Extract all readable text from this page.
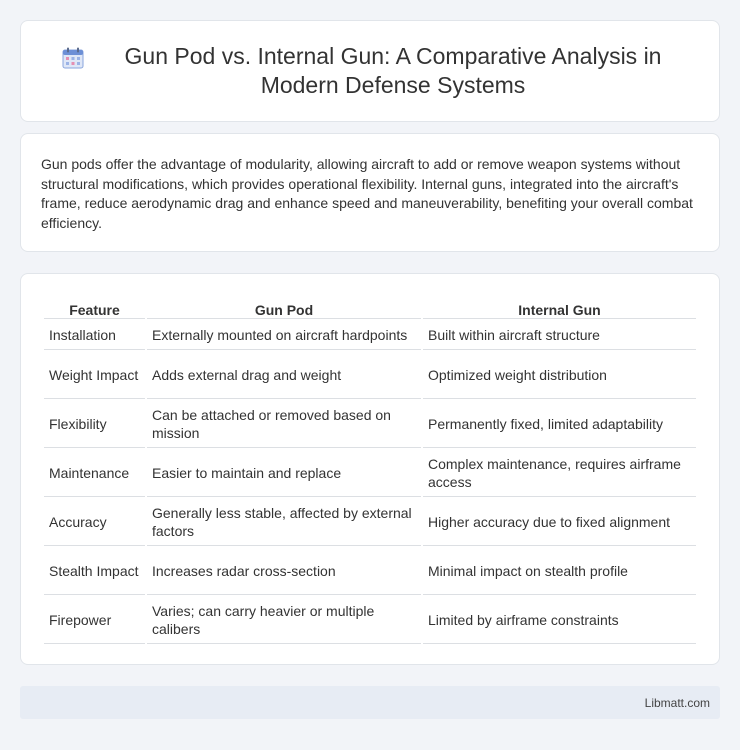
Gun Pod vs. Internal Gun: A Comparative Analysis in Modern Defense Systems

Gun pods offer the advantage of modularity, allowing aircraft to add or remove weapon systems without structural modifications, which provides operational flexibility. Internal guns, integrated into the aircraft's frame, reduce aerodynamic drag and enhance speed and maneuverability, benefiting your overall combat efficiency.

Feature	Gun Pod	Internal Gun
Installation	Externally mounted on aircraft hardpoints	Built within aircraft structure
Weight Impact	Adds external drag and weight	Optimized weight distribution
Flexibility	Can be attached or removed based on mission	Permanently fixed, limited adaptability
Maintenance	Easier to maintain and replace	Complex maintenance, requires airframe access
Accuracy	Generally less stable, affected by external factors	Higher accuracy due to fixed alignment
Stealth Impact	Increases radar cross-section	Minimal impact on stealth profile
Firepower	Varies; can carry heavier or multiple calibers	Limited by airframe constraints
Libmatt.com
